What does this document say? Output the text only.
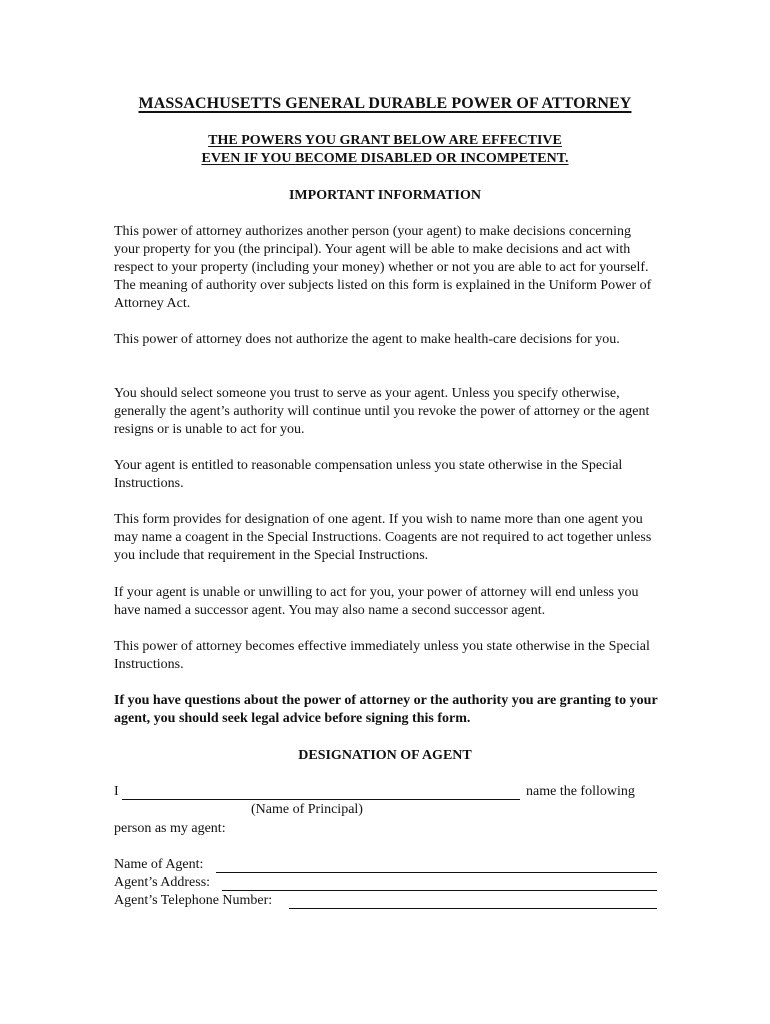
MASSACHUSETTS GENERAL DURABLE POWER OF ATTORNEY
THE POWERS YOU GRANT BELOW ARE EFFECTIVE
EVEN IF YOU BECOME DISABLED OR INCOMPETENT.
IMPORTANT INFORMATION

This power of attorney authorizes another person (your agent) to make decisions concerning your property for you (the principal). Your agent will be able to make decisions and act with respect to your property (including your money) whether or not you are able to act for yourself. The meaning of authority over subjects listed on this form is explained in the Uniform Power of Attorney Act.

This power of attorney does not authorize the agent to make health-care decisions for you.

You should select someone you trust to serve as your agent. Unless you specify otherwise, generally the agent’s authority will continue until you revoke the power of attorney or the agent resigns or is unable to act for you.

Your agent is entitled to reasonable compensation unless you state otherwise in the Special Instructions.

This form provides for designation of one agent. If you wish to name more than one agent you may name a coagent in the Special Instructions. Coagents are not required to act together unless you include that requirement in the Special Instructions.

If your agent is unable or unwilling to act for you, your power of attorney will end unless you have named a successor agent. You may also name a second successor agent.

This power of attorney becomes effective immediately unless you state otherwise in the Special Instructions.

If you have questions about the power of attorney or the authority you are granting to your agent, you should seek legal advice before signing this form.

DESIGNATION OF AGENT
I	name the following
(Name of Principal)
person as my agent:
Name of Agent:
Agent’s Address:
Agent’s Telephone Number:
